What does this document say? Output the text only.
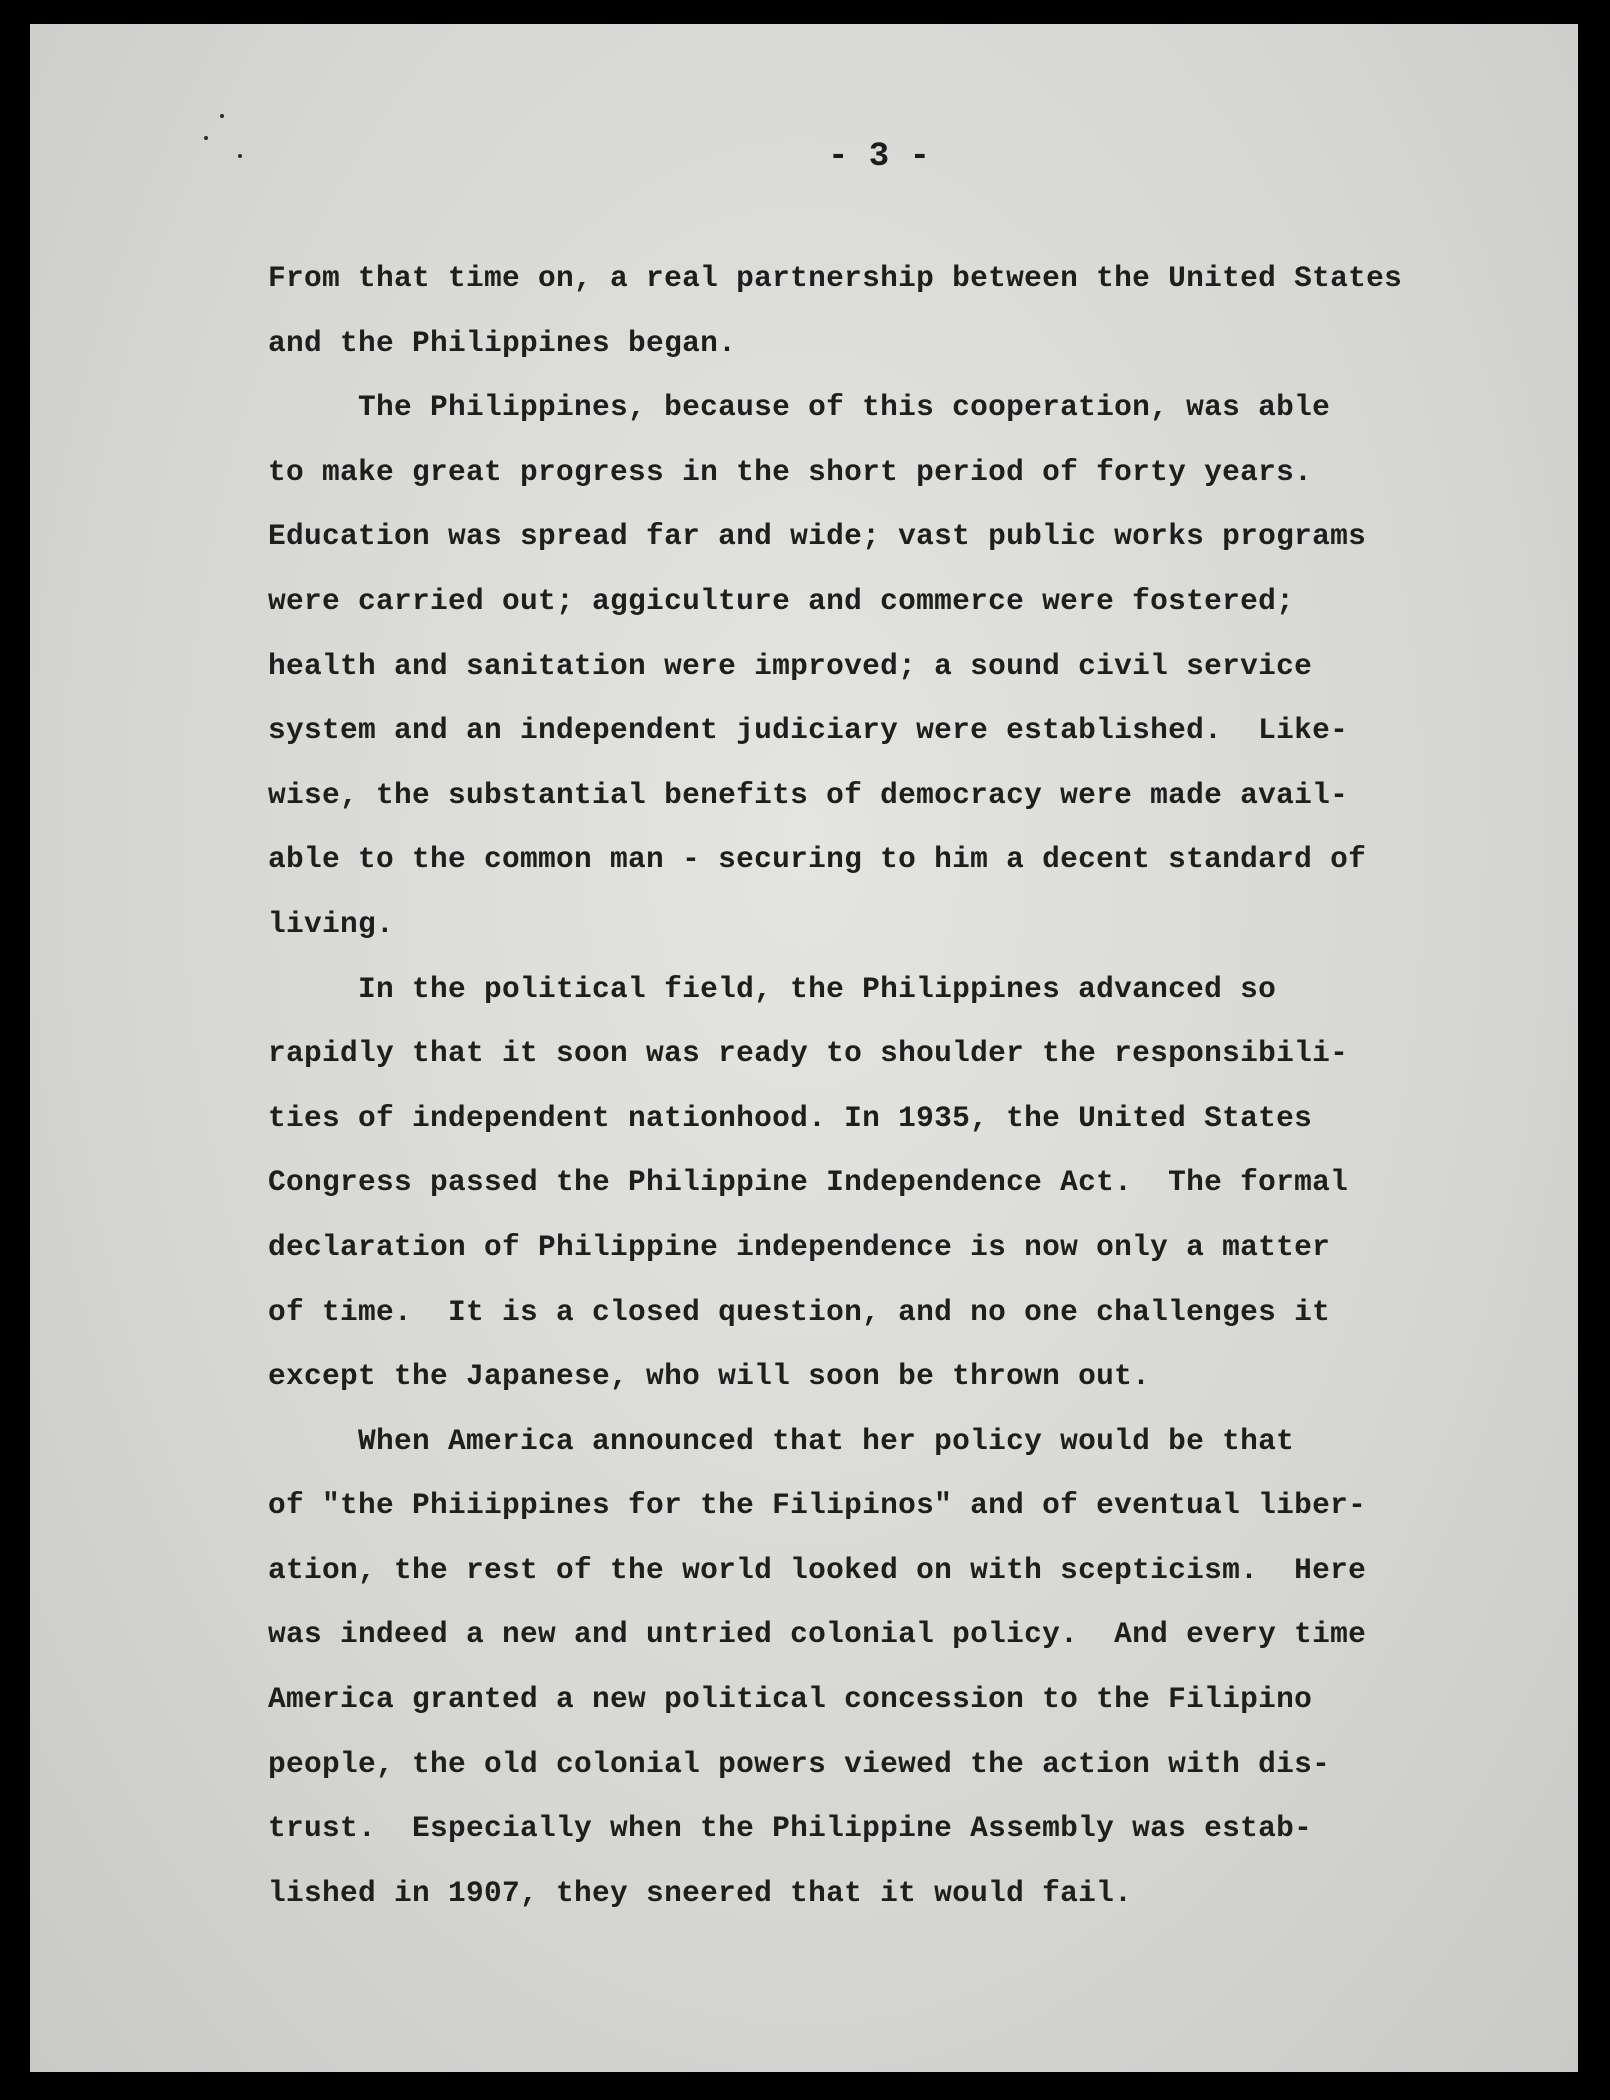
- 3 -
From that time on, a real partnership between the United States
and the Philippines began.
The Philippines, because of this cooperation, was able
to make great progress in the short period of forty years.
Education was spread far and wide; vast public works programs
were carried out; aggiculture and commerce were fostered;
health and sanitation were improved; a sound civil service
system and an independent judiciary were established.  Like-
wise, the substantial benefits of democracy were made avail-
able to the common man - securing to him a decent standard of
living.
In the political field, the Philippines advanced so
rapidly that it soon was ready to shoulder the responsibili-
ties of independent nationhood. In 1935, the United States
Congress passed the Philippine Independence Act.  The formal
declaration of Philippine independence is now only a matter
of time.  It is a closed question, and no one challenges it
except the Japanese, who will soon be thrown out.
When America announced that her policy would be that
of "the Phiiippines for the Filipinos" and of eventual liber-
ation, the rest of the world looked on with scepticism.  Here
was indeed a new and untried colonial policy.  And every time
America granted a new political concession to the Filipino
people, the old colonial powers viewed the action with dis-
trust.  Especially when the Philippine Assembly was estab-
lished in 1907, they sneered that it would fail.
